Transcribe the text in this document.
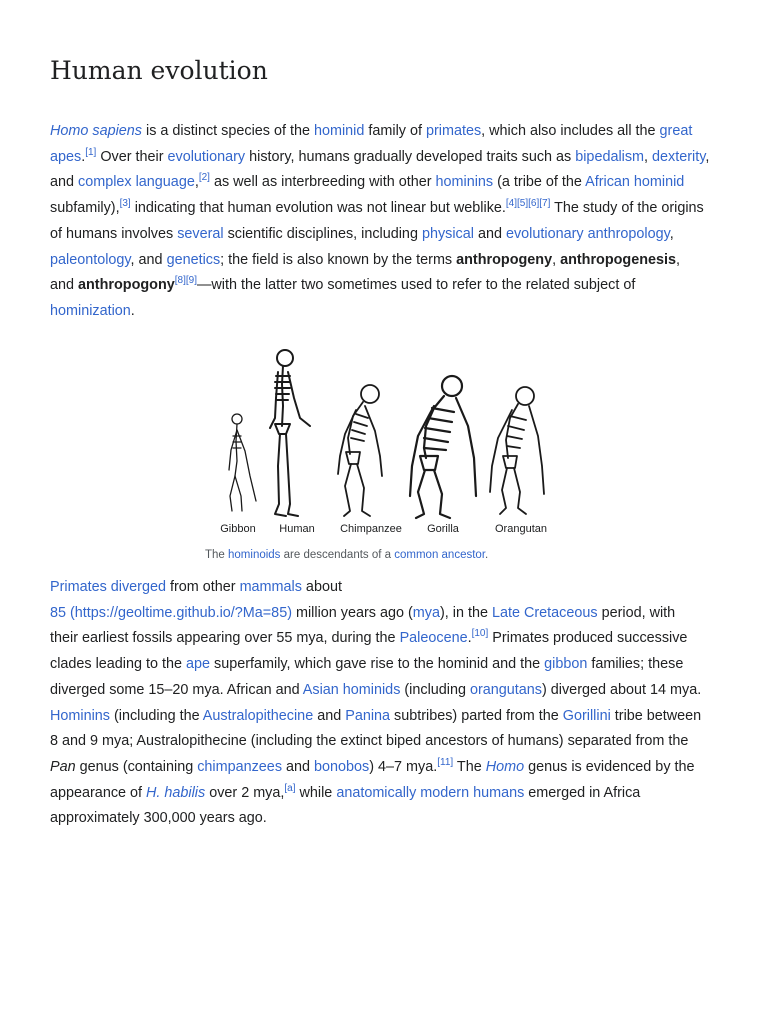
Human evolution

Homo sapiens is a distinct species of the hominid family of primates, which also includes all the great

apes.[1] Over their evolutionary history, humans gradually developed traits such as bipedalism, dexterity,

and complex language,[2] as well as interbreeding with other hominins (a tribe of the African hominid

subfamily),[3] indicating that human evolution was not linear but weblike.[4][5][6][7] The study of the origins

of humans involves several scientific disciplines, including physical and evolutionary anthropology,

paleontology, and genetics; the field is also known by the terms anthropogeny, anthropogenesis,

and anthropogony[8][9]—with the latter two sometimes used to refer to the related subject of

hominization.

Gibbon Human Chimpanzee Gorilla	Orangutan
The hominoids are descendants of a common ancestor.

Primates diverged from other mammals about

85 (https://geoltime.github.io/?Ma=85) million years ago (mya), in the Late Cretaceous period, with

their earliest fossils appearing over 55 mya, during the Paleocene.[10] Primates produced successive

clades leading to the ape superfamily, which gave rise to the hominid and the gibbon families; these

diverged some 15–20 mya. African and Asian hominids (including orangutans) diverged about 14 mya.

Hominins (including the Australopithecine and Panina subtribes) parted from the Gorillini tribe between

8 and 9 mya; Australopithecine (including the extinct biped ancestors of humans) separated from the

Pan genus (containing chimpanzees and bonobos) 4–7 mya.[11] The Homo genus is evidenced by the

appearance of H. habilis over 2 mya,[a] while anatomically modern humans emerged in Africa

approximately 300,000 years ago.
